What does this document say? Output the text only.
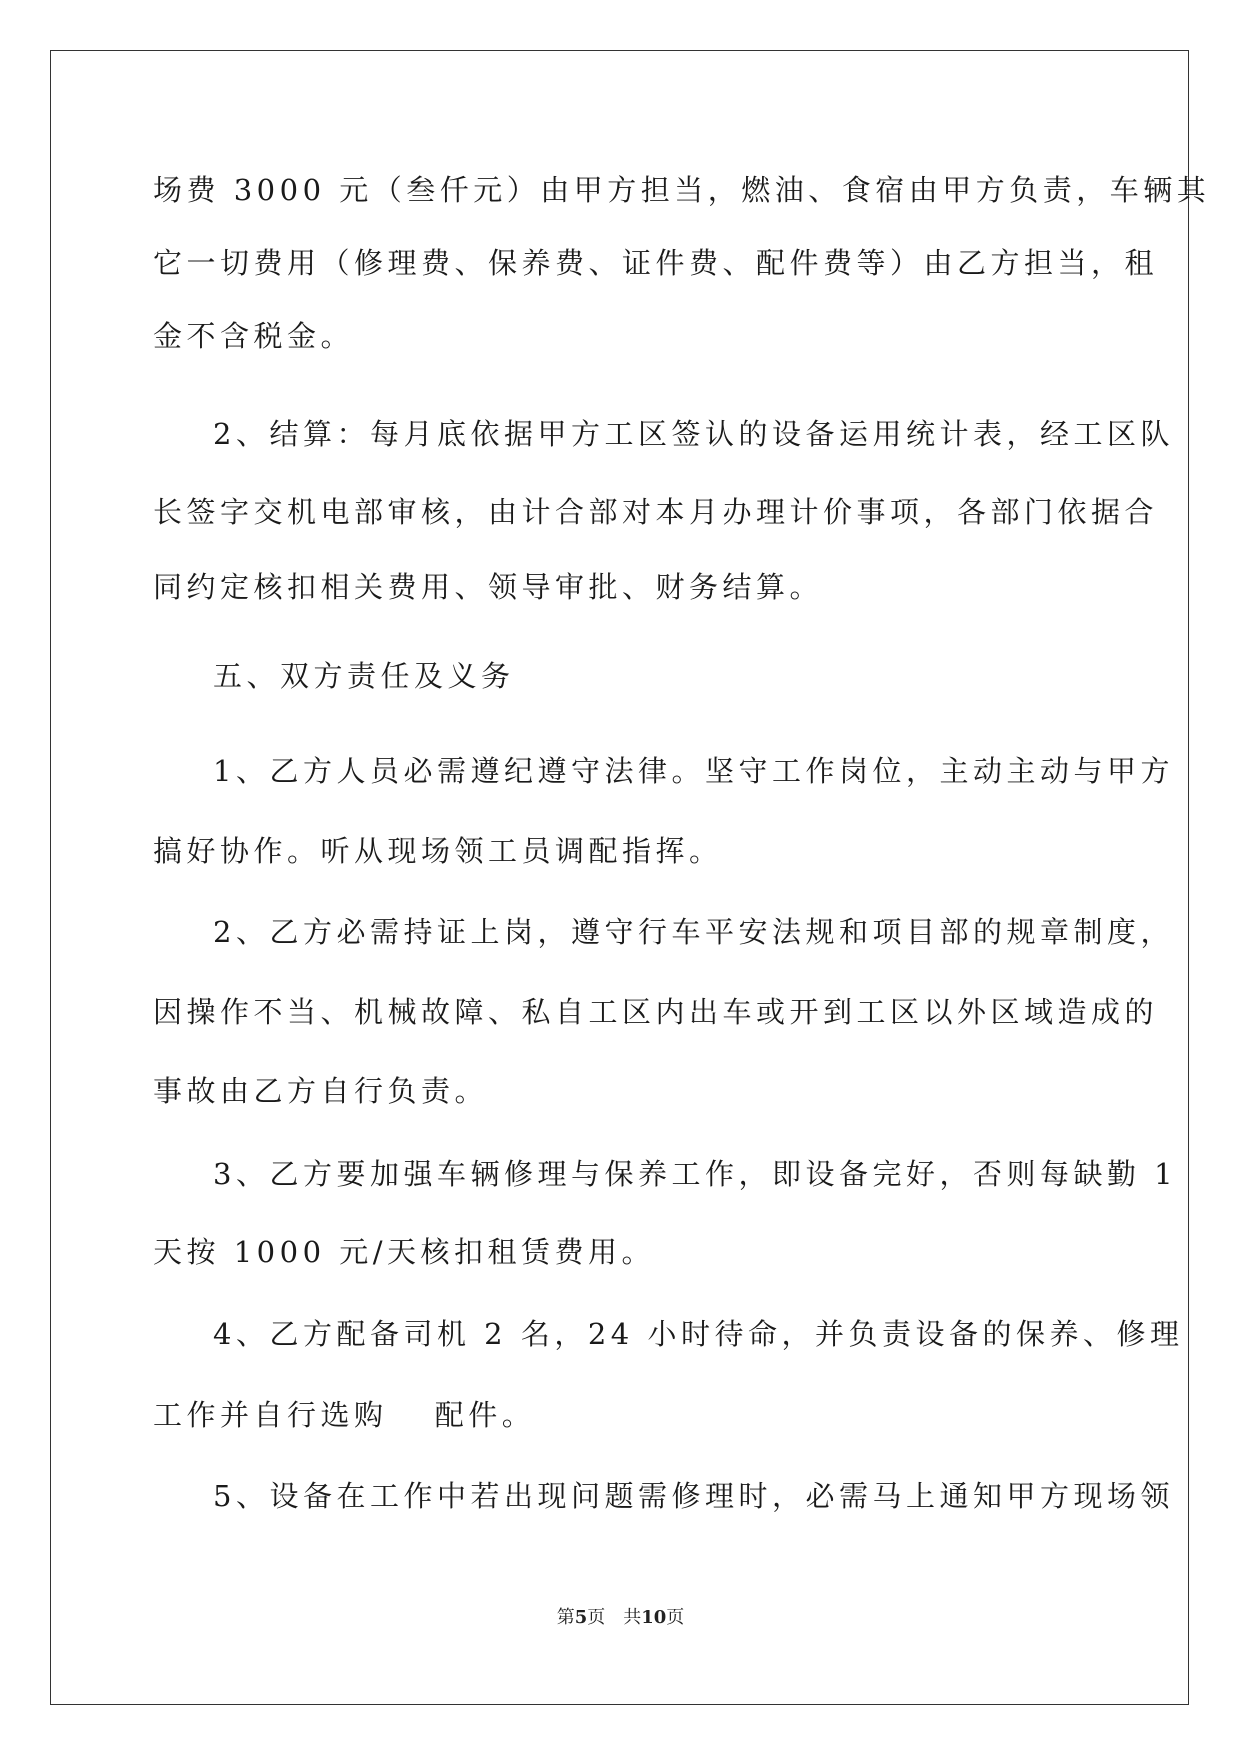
场费 3000 元（叁仟元）由甲方担当，燃油、食宿由甲方负责，车辆其
它一切费用（修理费、保养费、证件费、配件费等）由乙方担当，租
金不含税金。
2、结算：每月底依据甲方工区签认的设备运用统计表，经工区队
长签字交机电部审核，由计合部对本月办理计价事项，各部门依据合
同约定核扣相关费用、领导审批、财务结算。
五、双方责任及义务
1、乙方人员必需遵纪遵守法律。坚守工作岗位，主动主动与甲方
搞好协作。听从现场领工员调配指挥。
2、乙方必需持证上岗，遵守行车平安法规和项目部的规章制度，
因操作不当、机械故障、私自工区内出车或开到工区以外区域造成的
事故由乙方自行负责。
3、乙方要加强车辆修理与保养工作，即设备完好，否则每缺勤 1
天按 1000 元/天核扣租赁费用。
4、乙方配备司机 2 名，24 小时待命，并负责设备的保养、修理
工作并自行选购　 配件。
5、设备在工作中若出现问题需修理时，必需马上通知甲方现场领
第5页　共10页
